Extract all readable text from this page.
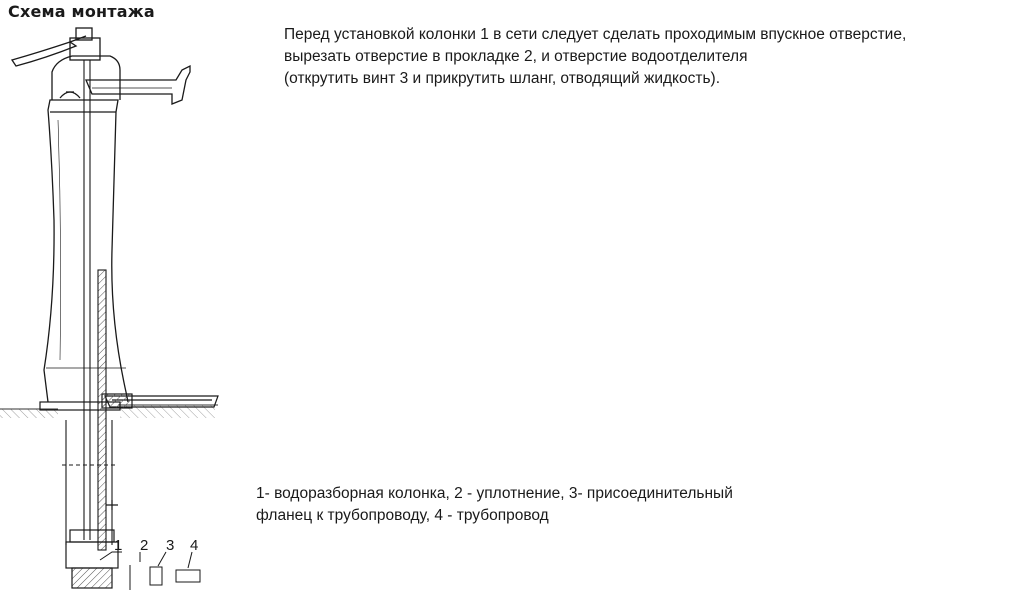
Схема монтажа
Перед установкой колонки 1 в сети следует сделать проходимым впускное отверстие,
вырезать отверстие в прокладке 2, и отверстие водоотделителя
(открутить винт 3 и прикрутить шланг, отводящий жидкость).
1- водоразборная колонка, 2 - уплотнение, 3- присоединительный
фланец к трубопроводу, 4 - трубопровод
1 2 3 4
